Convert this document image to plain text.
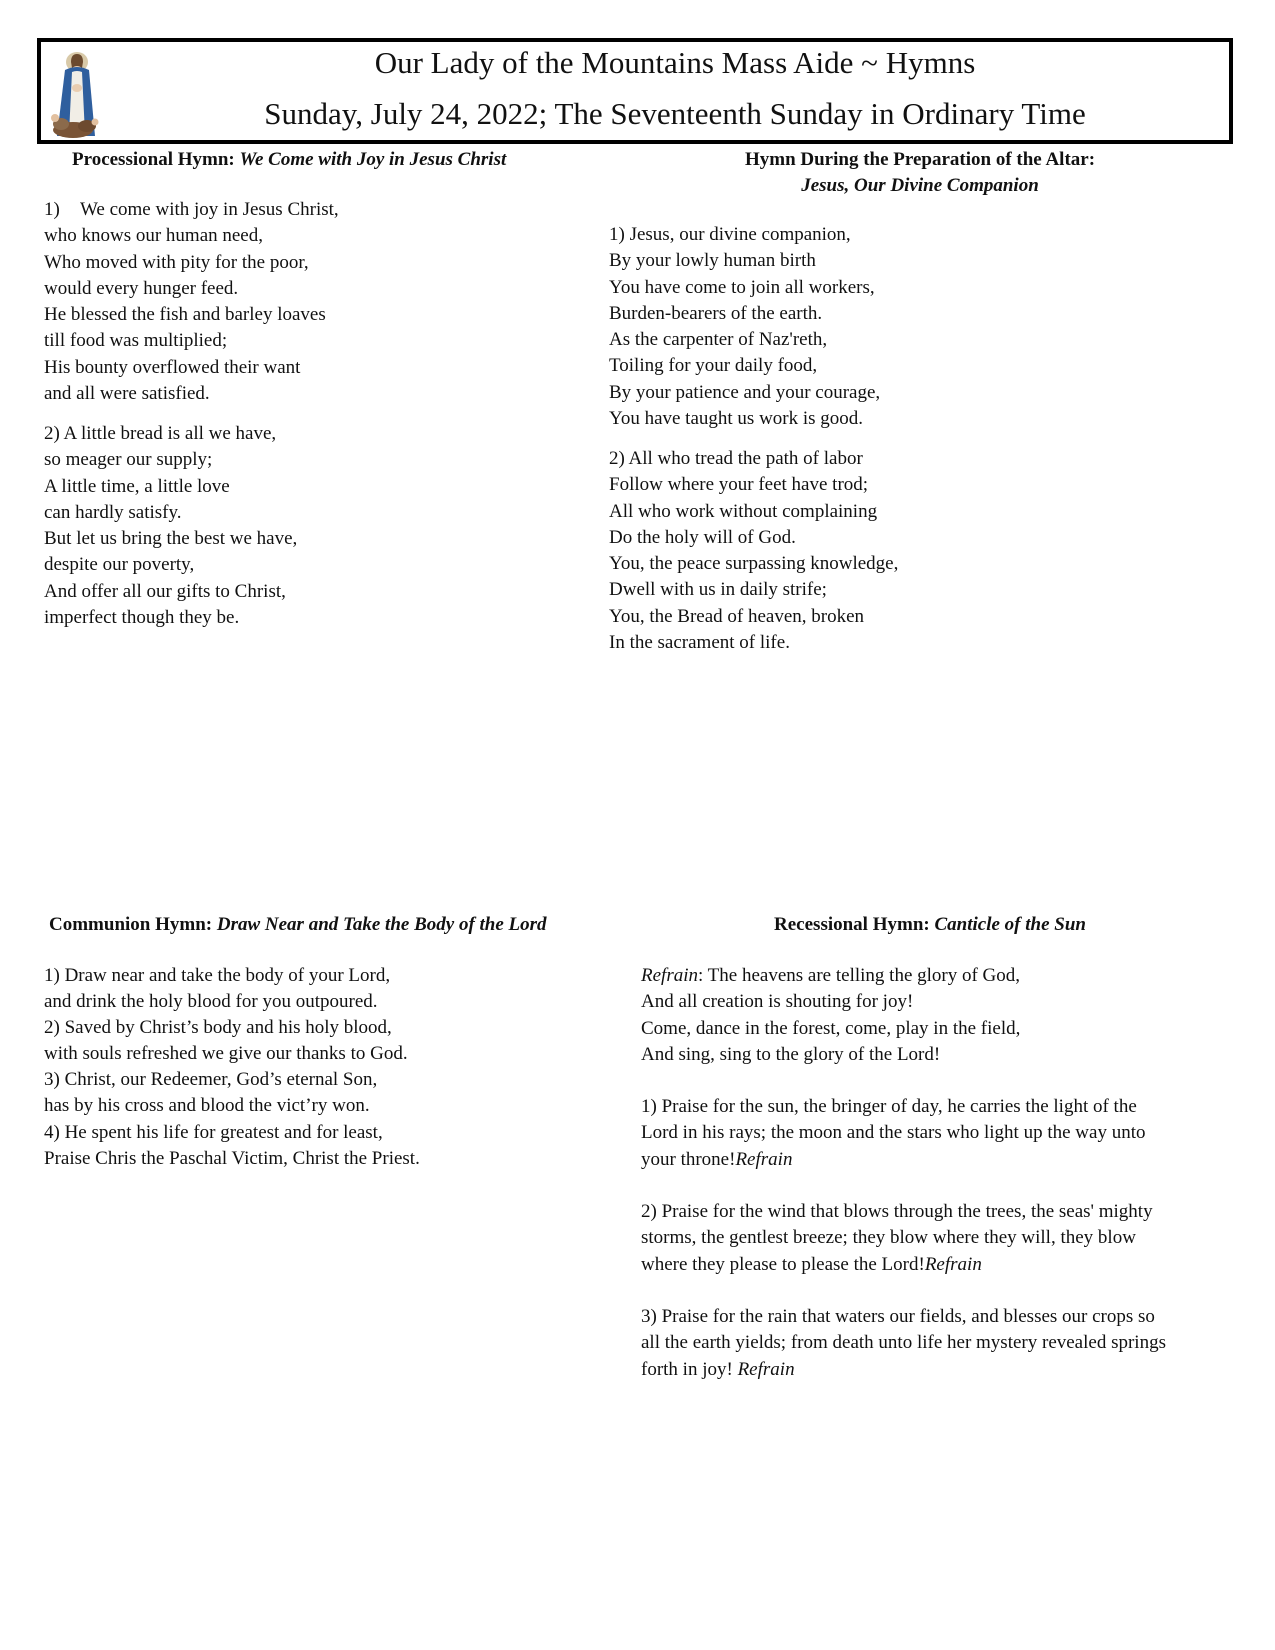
Our Lady of the Mountains Mass Aide ~ Hymns
Sunday, July 24, 2022; The Seventeenth Sunday in Ordinary Time
Processional Hymn: We Come with Joy in Jesus Christ

1) We come with joy in Jesus Christ,
who knows our human need,
Who moved with pity for the poor,
would every hunger feed.
He blessed the fish and barley loaves
till food was multiplied;
His bounty overflowed their want
and all were satisfied.

2) A little bread is all we have,
so meager our supply;
A little time, a little love
can hardly satisfy.
But let us bring the best we have,
despite our poverty,
And offer all our gifts to Christ,
imperfect though they be.

Hymn During the Preparation of the Altar:
Jesus, Our Divine Companion

1) Jesus, our divine companion,
By your lowly human birth
You have come to join all workers,
Burden-bearers of the earth.
As the carpenter of Naz'reth,
Toiling for your daily food,
By your patience and your courage,
You have taught us work is good.

2) All who tread the path of labor
Follow where your feet have trod;
All who work without complaining
Do the holy will of God.
You, the peace surpassing knowledge,
Dwell with us in daily strife;
You, the Bread of heaven, broken
In the sacrament of life.

Communion Hymn: Draw Near and Take the Body of the Lord

1) Draw near and take the body of your Lord,
and drink the holy blood for you outpoured.

2) Saved by Christ’s body and his holy blood,
with souls refreshed we give our thanks to God.

3) Christ, our Redeemer, God’s eternal Son,
has by his cross and blood the vict’ry won.

4) He spent his life for greatest and for least,
Praise Chris the Paschal Victim, Christ the Priest.

Recessional Hymn: Canticle of the Sun

Refrain: The heavens are telling the glory of God,
And all creation is shouting for joy!
Come, dance in the forest, come, play in the field,
And sing, sing to the glory of the Lord!

1) Praise for the sun, the bringer of day, he carries the light of the
Lord in his rays; the moon and the stars who light up the way unto
your throne!Refrain

2) Praise for the wind that blows through the trees, the seas' mighty
storms, the gentlest breeze; they blow where they will, they blow
where they please to please the Lord!Refrain

3) Praise for the rain that waters our fields, and blesses our crops so
all the earth yields; from death unto life her mystery revealed springs
forth in joy! Refrain
